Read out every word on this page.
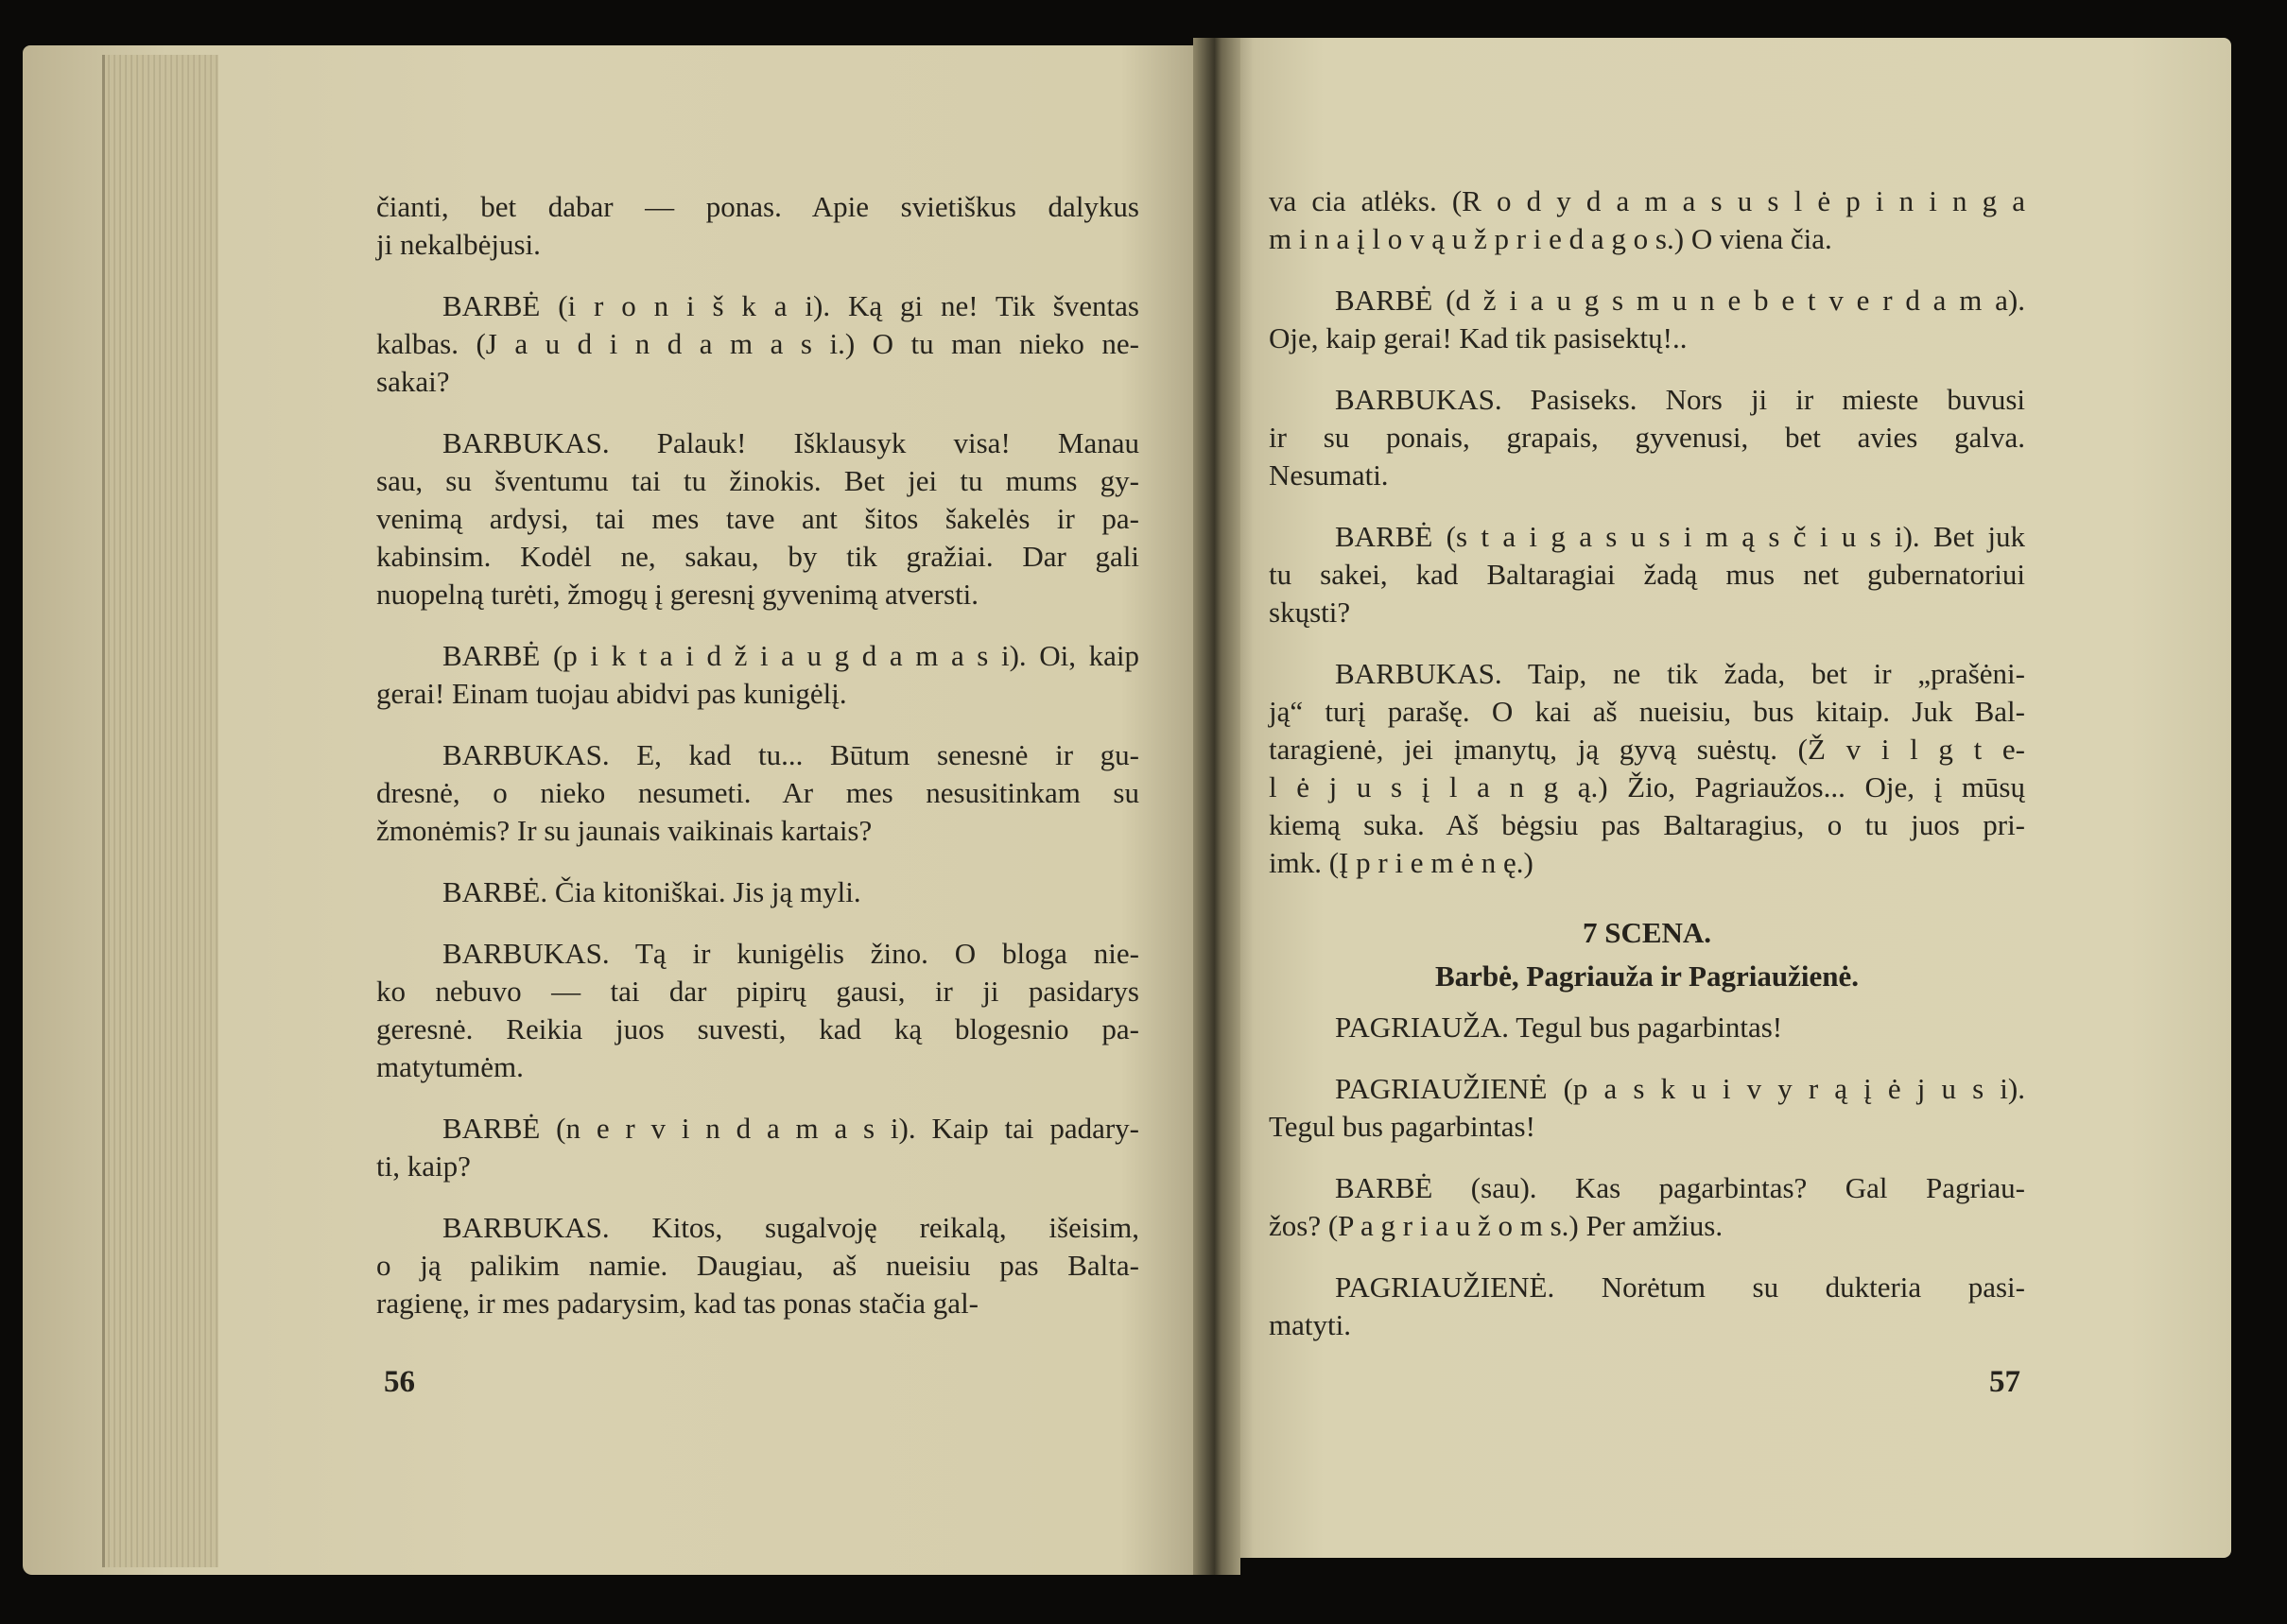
čianti, bet dabar — ponas. Apie svietiškus dalykus
ji nekalbėjusi.
BARBĖ (i r o n i š k a i). Ką gi ne! Tik šventas
kalbas. (J a u d i n d a m a s i.) O tu man nieko ne-
sakai?
BARBUKAS. Palauk! Išklausyk visa! Manau
sau, su šventumu tai tu žinokis. Bet jei tu mums gy-
venimą ardysi, tai mes tave ant šitos šakelės ir pa-
kabinsim. Kodėl ne, sakau, by tik gražiai. Dar gali
nuopelną turėti, žmogų į geresnį gyvenimą atversti.
BARBĖ (p i k t a i d ž i a u g d a m a s i). Oi, kaip
gerai! Einam tuojau abidvi pas kunigėlį.
BARBUKAS. E, kad tu... Būtum senesnė ir gu-
dresnė, o nieko nesumeti. Ar mes nesusitinkam su
žmonėmis? Ir su jaunais vaikinais kartais?
BARBĖ. Čia kitoniškai. Jis ją myli.
BARBUKAS. Tą ir kunigėlis žino. O bloga nie-
ko nebuvo — tai dar pipirų gausi, ir ji pasidarys
geresnė. Reikia juos suvesti, kad ką blogesnio pa-
matytumėm.
BARBĖ (n e r v i n d a m a s i). Kaip tai padary-
ti, kaip?
BARBUKAS. Kitos, sugalvoję reikalą, išeisim,
o ją palikim namie. Daugiau, aš nueisiu pas Balta-
ragienę, ir mes padarysim, kad tas ponas stačia gal-
va cia atlėks. (R o d y d a m a s u s l ė p i n i n g a
m i n a į l o v ą u ž p r i e d a g o s.) O viena čia.
BARBĖ (d ž i a u g s m u n e b e t v e r d a m a).
Oje, kaip gerai! Kad tik pasisektų!..
BARBUKAS. Pasiseks. Nors ji ir mieste buvusi
ir su ponais, grapais, gyvenusi, bet avies galva.
Nesumati.
BARBĖ (s t a i g a s u s i m ą s č i u s i). Bet juk
tu sakei, kad Baltaragiai žadą mus net gubernatoriui
skųsti?
BARBUKAS. Taip, ne tik žada, bet ir „prašėni-
ją“ turį parašę. O kai aš nueisiu, bus kitaip. Juk Bal-
taragienė, jei įmanytų, ją gyvą suėstų. (Ž v i l g t e-
l ė j u s į l a n g ą.) Žio, Pagriaužos... Oje, į mūsų
kiemą suka. Aš bėgsiu pas Baltaragius, o tu juos pri-
imk. (Į p r i e m ė n ę.)
7 SCENA.
Barbė, Pagriauža ir Pagriaužienė.
PAGRIAUŽA. Tegul bus pagarbintas!
PAGRIAUŽIENĖ (p a s k u i v y r ą į ė j u s i).
Tegul bus pagarbintas!
BARBĖ (sau). Kas pagarbintas? Gal Pagriau-
žos? (P a g r i a u ž o m s.) Per amžius.
PAGRIAUŽIENĖ. Norėtum su dukteria pasi-
matyti.
56	57
